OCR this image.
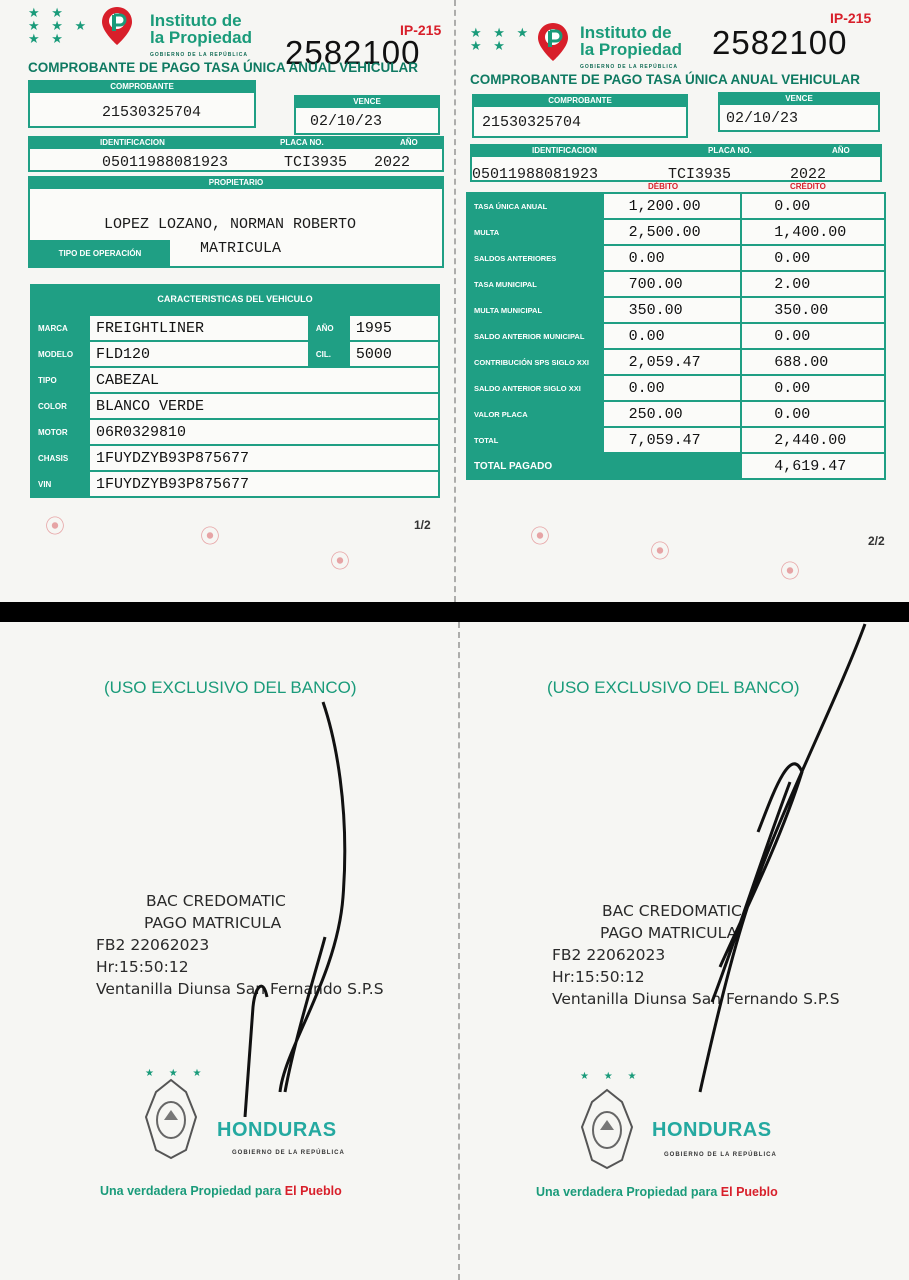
⦿	⦿
⦿
⦿
⦿
⦿
★ ★
★ ★ ★
★ ★
Instituto de
la Propiedad
GOBIERNO DE LA REPÚBLICA
IP-215
2582100
COMPROBANTE DE PAGO TASA ÚNICA ANUAL VEHICULAR
COMPROBANTE
21530325704
VENCE
02/10/23
IDENTIFICACION	PLACA NO.	AÑO
05011988081923	TCI3935 2022
PROPIETARIO
LOPEZ LOZANO, NORMAN ROBERTO
TIPO DE OPERACIÓN	MATRICULA
CARACTERISTICAS DEL VEHICULO
MARCA	FREIGHTLINER	AÑO	1995
MODELO	FLD120	CIL.	5000
TIPO	CABEZAL		
COLOR	BLANCO VERDE		
MOTOR	06R0329810		
CHASIS	1FUYDZYB93P875677		
VIN	1FUYDZYB93P875677		
1/2
★ ★ ★
★ ★
Instituto de
la Propiedad
GOBIERNO DE LA REPÚBLICA
IP-215
2582100
COMPROBANTE DE PAGO TASA ÚNICA ANUAL VEHICULAR
COMPROBANTE
21530325704
VENCE
02/10/23
IDENTIFICACION	PLACA NO.	AÑO
05011988081923	TCI3935	2022
DÉBITO	CRÉDITO
TASA ÚNICA ANUAL	1,200.00	0.00
MULTA	2,500.00	1,400.00
SALDOS ANTERIORES	0.00	0.00
TASA MUNICIPAL	700.00	2.00
MULTA MUNICIPAL	350.00	350.00
SALDO ANTERIOR MUNICIPAL	0.00	0.00
CONTRIBUCIÓN SPS SIGLO XXI	2,059.47	688.00
SALDO ANTERIOR SIGLO XXI	0.00	0.00
VALOR PLACA	250.00	0.00
TOTAL	7,059.47	2,440.00
TOTAL PAGADO		4,619.47
2/2
(USO EXCLUSIVO DEL BANCO)
BAC CREDOMATIC
PAGO MATRICULA
FB2 22062023
Hr:15:50:12
Ventanilla Diunsa San Fernando S.P.S
★ ★ ★
HONDURAS
GOBIERNO DE LA REPÚBLICA
Una verdadera Propiedad para El Pueblo
(USO EXCLUSIVO DEL BANCO)
BAC CREDOMATIC
PAGO MATRICULA
FB2 22062023
Hr:15:50:12
Ventanilla Diunsa San Fernando S.P.S
★ ★ ★
HONDURAS
GOBIERNO DE LA REPÚBLICA
Una verdadera Propiedad para El Pueblo
